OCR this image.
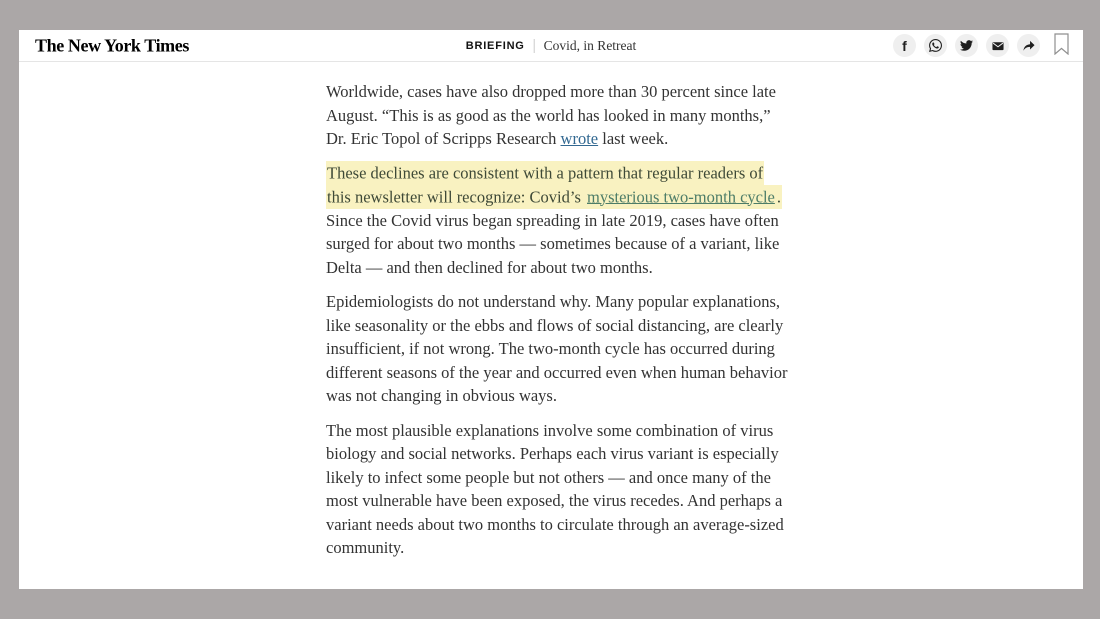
The New York Times	BRIEFING Covid, in Retreat	f

Worldwide, cases have also dropped more than 30 percent since late August. “This is as good as the world has looked in many months,” Dr. Eric Topol of Scripps Research wrote last week.

These declines are consistent with a pattern that regular readers of this newsletter will recognize: Covid’s mysterious two-month cycle . Since the Covid virus began spreading in late 2019, cases have often surged for about two months — sometimes because of a variant, like Delta — and then declined for about two months.

Epidemiologists do not understand why. Many popular explanations, like seasonality or the ebbs and flows of social distancing, are clearly insufficient, if not wrong. The two-month cycle has occurred during different seasons of the year and occurred even when human behavior was not changing in obvious ways.

The most plausible explanations involve some combination of virus biology and social networks. Perhaps each virus variant is especially likely to infect some people but not others — and once many of the most vulnerable have been exposed, the virus recedes. And perhaps a variant needs about two months to circulate through an average-sized community.
